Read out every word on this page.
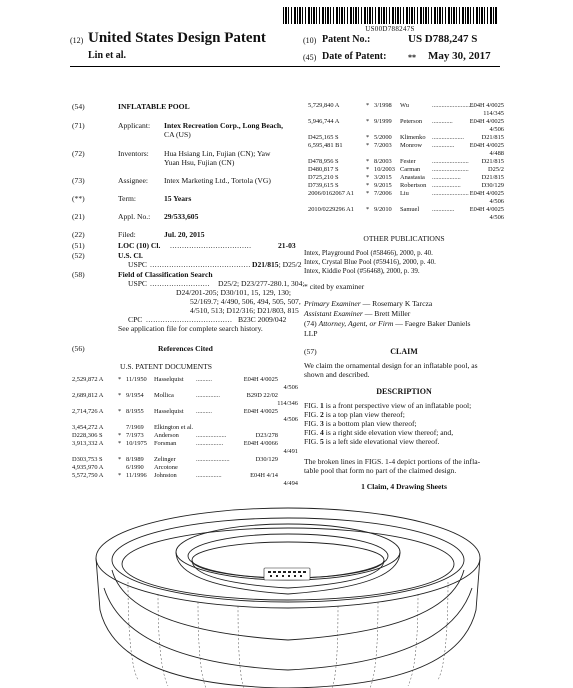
US00D788247S
(12) United States Design Patent
Lin et al.
(10) Patent No.:	US D788,247 S
(45) Date of Patent:	** May 30, 2017
(54)	INFLATABLE POOL
(71)	Applicant: Intex Recreation Corp., Long Beach,
CA (US)
(72)	Inventors: Hua Hsiang Lin, Fujian (CN); Yaw
Yuan Hsu, Fujian (CN)
(73)	Assignee: Intex Marketing Ltd., Tortola (VG)
(**)	Term:	15 Years
(21)	Appl. No.: 29/533,605
(22)	Filed:	Jul. 20, 2015
(51)	LOC (10) Cl. ..................................	21-03
(52)	U.S. Cl.
USPC .......................................... D21/815; D25/2
(58)	Field of Classification Search
USPC ......................... D25/2; D23/277-280.1, 304;
D24/201-205; D30/101, 15, 129, 130;
52/169.7; 4/490, 506, 494, 505, 507,
4/510, 513; D12/316; D21/803, 815
CPC .................................... B23C 2009/042
See application file for complete search history.
(56)	References Cited
U.S. PATENT DOCUMENTS
2,529,872 A * 11/1950 Hasselquist ..........	E04H 4/0025
4/506
2,689,812 A * 9/1954 Mollica	...............	B29D 22/02
114/346
2,714,726 A * 8/1955 Hasselquist ..........	E04H 4/0025
4/506
3,454,272 A	7/1969 Elkington et al.
D228,306 S * 7/1973 Anderson	...................	D23/278
3,913,332 A * 10/1975 Forsman	.................	E04H 4/0066
4/491
D303,753 S * 8/1989 Zelinger	.....................	D30/129
4,935,970 A	6/1990 Arcotone
5,572,750 A * 11/1996 Johnston	................	E04H 4/14
4/494
5,729,840 A	* 3/1998 Wu	..........................
E04H 4/0025
114/345
5,946,744 A	* 9/1999 Peterson .............	E04H 4/0025
4/506
D425,165 S	* 5/2000 Klimenko ....................	D21/815
6,595,481 B1	* 7/2003 Monrow .............. E04H 4/0025
4/488
D478,956 S	* 8/2003 Fester	....................... D21/815
D480,817 S	* 10/2003 Carman .......................	D25/2
D725,210 S	* 3/2015 Anastasia ..................	D21/815
D739,615 S	* 9/2015 Robertson ..................	D30/129
2006/0162067 A1 * 7/2006 Liu	....................... E04H 4/0025
4/506
2010/0229296 A1 * 9/2010 Samuel .............. E04H 4/0025
4/506
OTHER PUBLICATIONS
Intex, Playground Pool (#58466), 2000, p. 40.
Intex, Crystal Blue Pool (#59416), 2000, p. 40.
Intex, Kiddie Pool (#56468), 2000, p. 39.
* cited by examiner
Primary Examiner — Rosemary K Tarcza
Assistant Examiner — Brett Miller
(74) Attorney, Agent, or Firm — Faegre Baker Daniels
LLP
(57)	CLAIM
We claim the ornamental design for an inflatable pool, as
shown and described.
DESCRIPTION
FIG. 1 is a front perspective view of an inflatable pool;
FIG. 2 is a top plan view thereof;
FIG. 3 is a bottom plan view thereof;
FIG. 4 is a right side elevation view thereof; and,
FIG. 5 is a left side elevational view thereof.
The broken lines in FIGS. 1-4 depict portions of the infla-
table pool that form no part of the claimed design.
1 Claim, 4 Drawing Sheets
